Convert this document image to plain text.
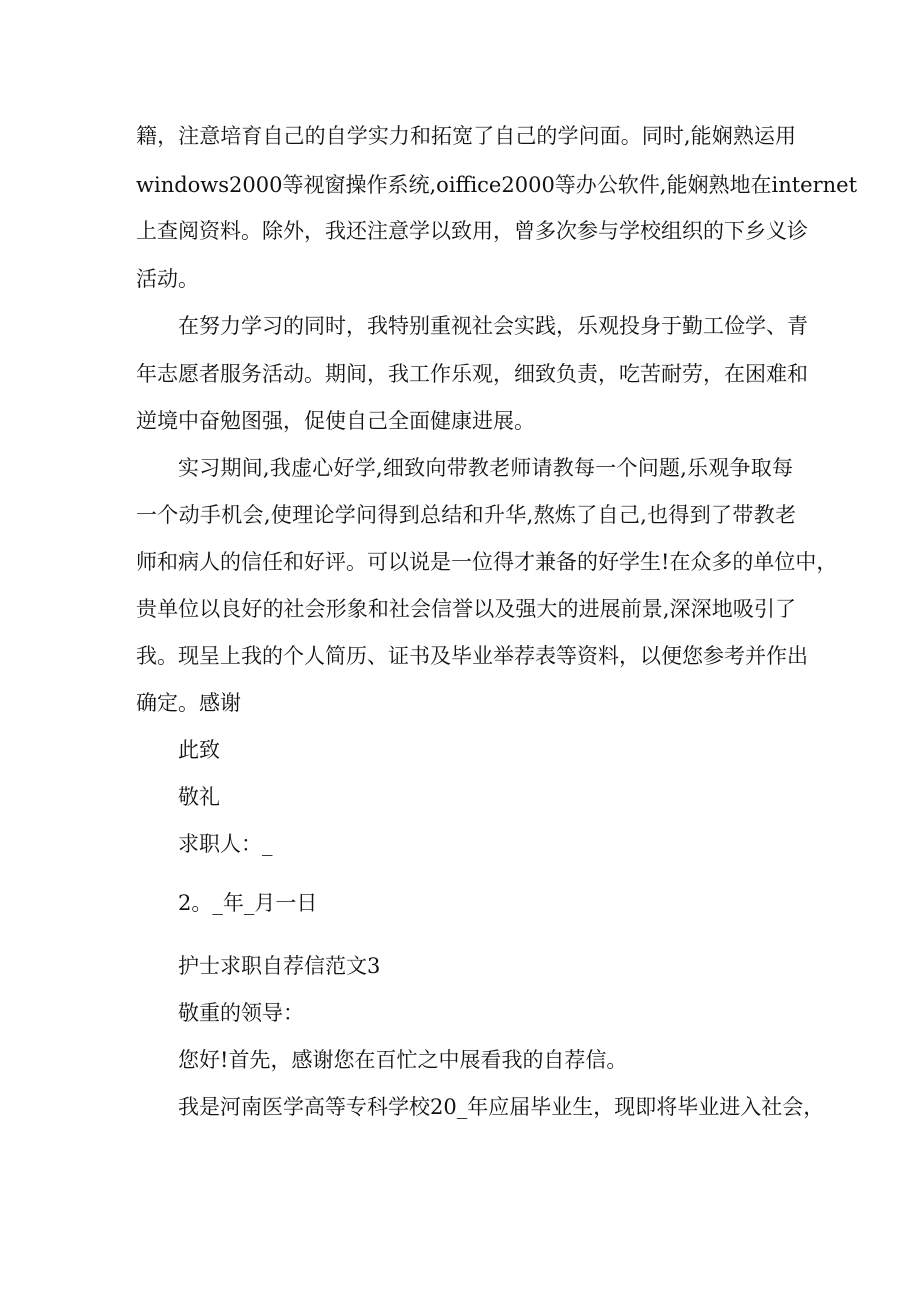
籍，注意培育自己的自学实力和拓宽了自己的学问面。同时,能娴熟运用
windows2000等视窗操作系统,oiffice2000等办公软件,能娴熟地在internet
上查阅资料。除外，我还注意学以致用，曾多次参与学校组织的下乡义诊
活动。
在努力学习的同时，我特别重视社会实践，乐观投身于勤工俭学、青
年志愿者服务活动。期间，我工作乐观，细致负责，吃苦耐劳，在困难和
逆境中奋勉图强，促使自己全面健康进展。
实习期间,我虚心好学,细致向带教老师请教每一个问题,乐观争取每
一个动手机会,使理论学问得到总结和升华,熬炼了自己,也得到了带教老
师和病人的信任和好评。可以说是一位得才兼备的好学生!在众多的单位中，
贵单位以良好的社会形象和社会信誉以及强大的进展前景,深深地吸引了
我。现呈上我的个人简历、证书及毕业举荐表等资料，以便您参考并作出
确定。感谢
此致
敬礼
求职人：_
2。_年_月一日
护士求职自荐信范文3
敬重的领导：
您好!首先，感谢您在百忙之中展看我的自荐信。
我是河南医学高等专科学校20_年应届毕业生，现即将毕业进入社会，
